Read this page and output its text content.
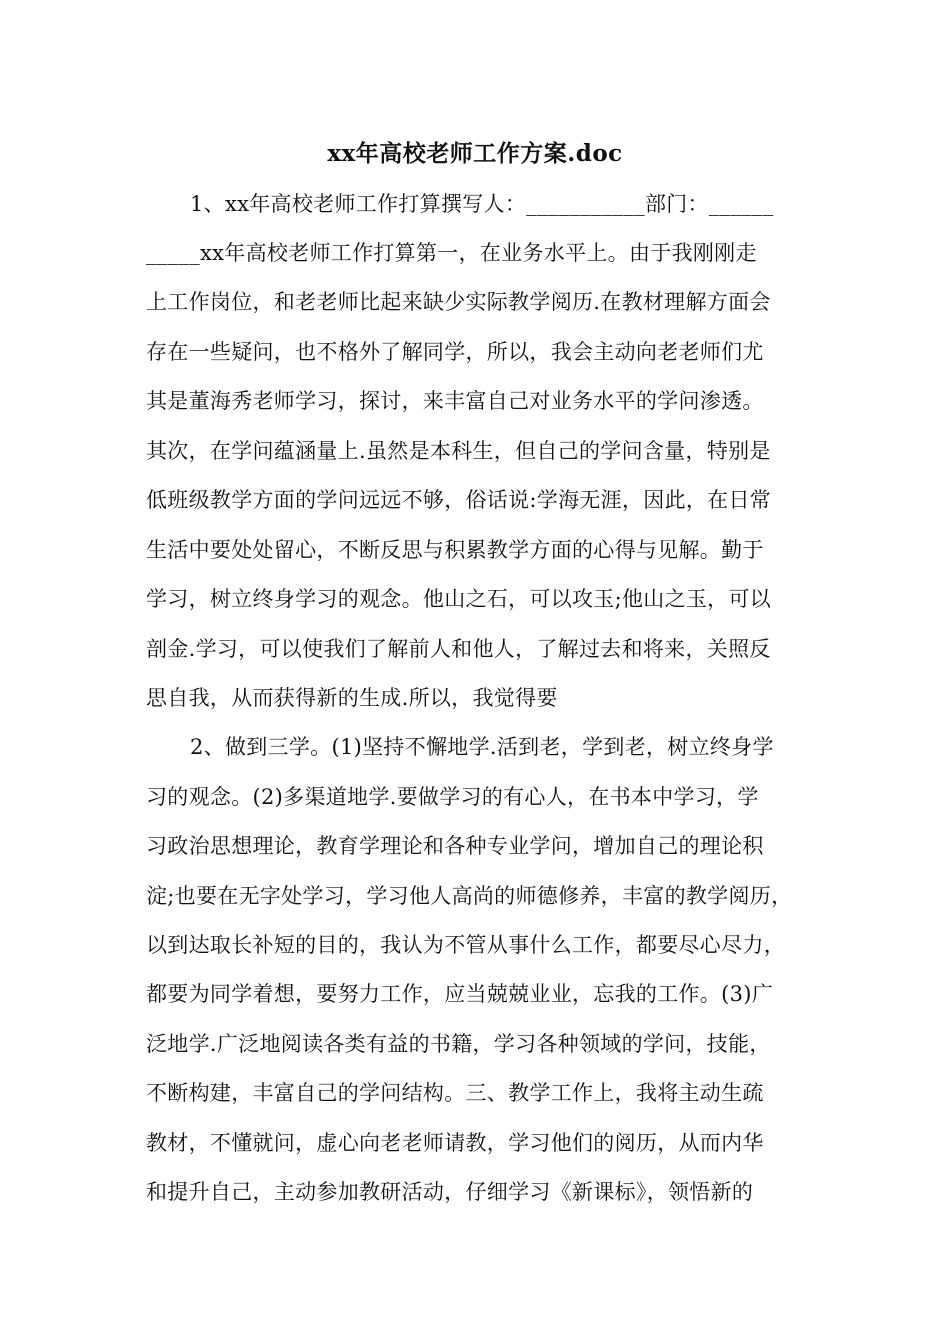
xx年高校老师工作方案.doc
1、xx年高校老师工作打算撰写人：___________部门：______
_____xx年高校老师工作打算第一，在业务水平上。由于我刚刚走
上工作岗位，和老老师比起来缺少实际教学阅历.在教材理解方面会
存在一些疑问，也不格外了解同学，所以，我会主动向老老师们尤
其是董海秀老师学习，探讨，来丰富自己对业务水平的学问渗透。
其次，在学问蕴涵量上.虽然是本科生，但自己的学问含量，特别是
低班级教学方面的学问远远不够，俗话说:学海无涯，因此，在日常
生活中要处处留心，不断反思与积累教学方面的心得与见解。勤于
学习，树立终身学习的观念。他山之石，可以攻玉;他山之玉，可以
剖金.学习，可以使我们了解前人和他人，了解过去和将来，关照反
思自我，从而获得新的生成.所以，我觉得要
2、做到三学。(1)坚持不懈地学.活到老，学到老，树立终身学
习的观念。(2)多渠道地学.要做学习的有心人，在书本中学习，学
习政治思想理论，教育学理论和各种专业学问，增加自己的理论积
淀;也要在无字处学习，学习他人高尚的师德修养，丰富的教学阅历，
以到达取长补短的目的，我认为不管从事什么工作，都要尽心尽力，
都要为同学着想，要努力工作，应当兢兢业业，忘我的工作。(3)广
泛地学.广泛地阅读各类有益的书籍，学习各种领域的学问，技能，
不断构建，丰富自己的学问结构。三、教学工作上，我将主动生疏
教材，不懂就问，虚心向老老师请教，学习他们的阅历，从而内华
和提升自己，主动参加教研活动，仔细学习《新课标》，领悟新的
